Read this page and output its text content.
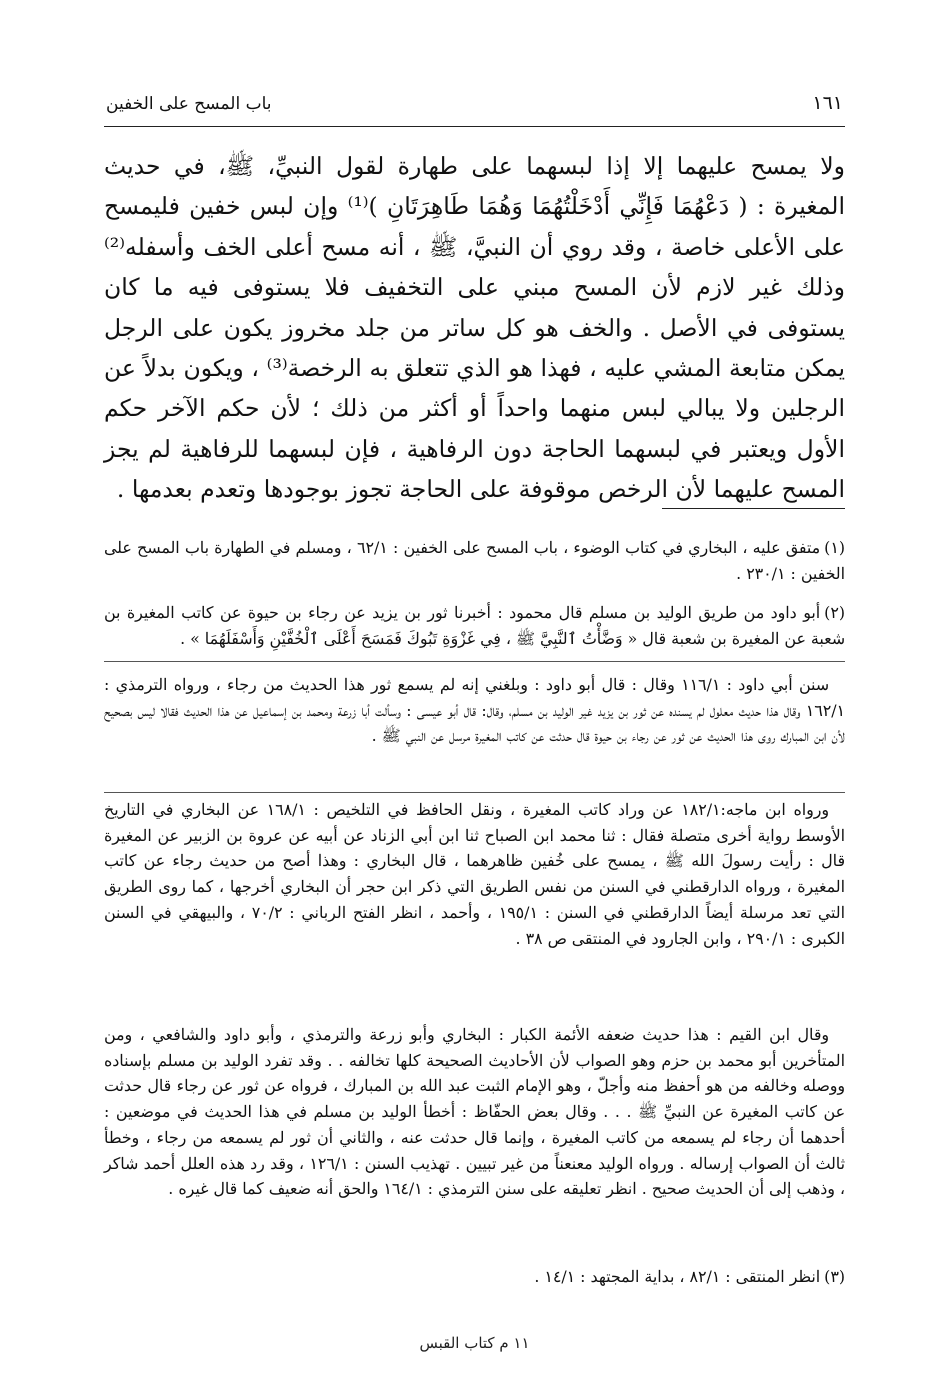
١٦١
باب المسح على الخفين

ولا يمسح عليهما إلا إذا لبسهما على طهارة لقول النبيِّ، ﷺ، في حديث المغيرة : ( دَعْهُمَا فَإِنِّي أَدْخَلْتُهُمَا وَهُمَا طَاهِرَتَانِ )⁽¹⁾ وإن لبس خفين فليمسح على الأعلى خاصة ، وقد روي أن النبيَّ، ﷺ ، أنه مسح أعلى الخف وأسفله⁽²⁾ وذلك غير لازم لأن المسح مبني على التخفيف فلا يستوفى فيه ما كان يستوفى في الأصل . والخف هو كل ساتر من جلد مخروز يكون على الرجل يمكن متابعة المشي عليه ، فهذا هو الذي تتعلق به الرخصة⁽³⁾ ، ويكون بدلاً عن الرجلين ولا يبالي لبس منهما واحداً أو أكثر من ذلك ؛ لأن حكم الآخر حكم الأول ويعتبر في لبسهما الحاجة دون الرفاهية ، فإن لبسهما للرفاهية لم يجز المسح عليهما لأن الرخص موقوفة على الحاجة تجوز بوجودها وتعدم بعدمها .

(١)متفق عليه ، البخاري في كتاب الوضوء ، باب المسح على الخفين : ٦٢/١ ، ومسلم في الطهارة باب المسح على الخفين : ٢٣٠/١ .

(٢)أبو داود من طريق الوليد بن مسلم قال محمود : أخبرنا ثور بن يزيد عن رجاء بن حيوة عن كاتب المغيرة بن شعبة عن المغيرة بن شعبة قال « وَضَّأْتُ ٱلنَّبِيَّ ﷺ ، فِي غَزْوَةِ تَبُوكَ فَمَسَحَ أَعْلَى ٱلْخُفَّيْنِ وَأَسْفَلَهُمَا » .

سنن أبي داود : ١١٦/١ وقال : قال أبو داود : وبلغني إنه لم يسمع ثور هذا الحديث من رجاء ، ورواه الترمذي : ١٦٢/١ وقال هذا حديث معلول لم يسنده عن ثور بن يزيد غير الوليد بن مسلم، وقال: قال أبو عيسى : وسألت أبا زرعة ومحمد بن إسماعيل عن هذا الحديث فقالا ليس بصحيح لأن ابن المبارك روى هذا الحديث عن ثور عن رجاء بن حيوة قال حدثت عن كاتب المغيرة مرسل عن النبي ﷺ .

ورواه ابن ماجه:١٨٢/١ عن وراد كاتب المغيرة ، ونقل الحافظ في التلخيص : ١٦٨/١ عن البخاري في التاريخ الأوسط رواية أخرى متصلة فقال : ثنا محمد ابن الصباح ثنا ابن أبي الزناد عن أبيه عن عروة بن الزبير عن المغيرة قال : رأيت رسولَ الله ﷺ ، يمسح على خُفين ظاهرهما ، قال البخاري : وهذا أصح من حديث رجاء عن كاتب المغيرة ، ورواه الدارقطني في السنن من نفس الطريق التي ذكر ابن حجر أن البخاري أخرجها ، كما روى الطريق التي تعد مرسلة أيضاً الدارقطني في السنن : ١٩٥/١ ، وأحمد ، انظر الفتح الرباني : ٧٠/٢ ، والبيهقي في السنن الكبرى : ٢٩٠/١ ، وابن الجارود في المنتقى ص ٣٨ .

وقال ابن القيم : هذا حديث ضعفه الأئمة الكبار : البخاري وأبو زرعة والترمذي ، وأبو داود والشافعي ، ومن المتأخرين أبو محمد بن حزم وهو الصواب لأن الأحاديث الصحيحة كلها تخالفه . . وقد تفرد الوليد بن مسلم بإسناده ووصله وخالفه من هو أحفظ منه وأجلّ ، وهو الإمام الثبت عبد الله بن المبارك ، فرواه عن ثور عن رجاء قال حدثت عن كاتب المغيرة عن النبيِّ ﷺ . . . وقال بعض الحفّاظ : أخطأ الوليد بن مسلم في هذا الحديث في موضعين : أحدهما أن رجاء لم يسمعه من كاتب المغيرة ، وإنما قال حدثت عنه ، والثاني أن ثور لم يسمعه من رجاء ، وخطأ ثالث أن الصواب إرساله . ورواه الوليد معنعناً من غير تبيين . تهذيب السنن : ١٢٦/١ ، وقد رد هذه العلل أحمد شاكر ، وذهب إلى أن الحديث صحيح . انظر تعليقه على سنن الترمذي : ١٦٤/١ والحق أنه ضعيف كما قال غيره .

(٣)انظر المنتقى : ٨٢/١ ، بداية المجتهد : ١٤/١ .

١١ م كتاب القبس
